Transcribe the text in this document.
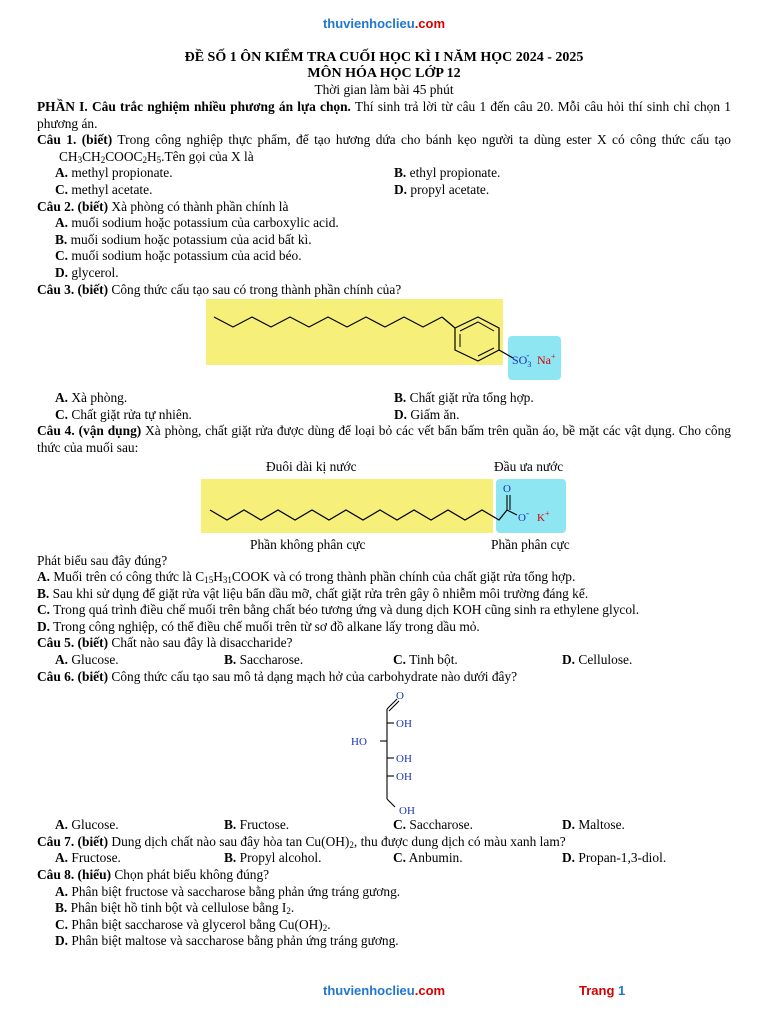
thuvienhoclieu.com
ĐỀ SỐ 1 ÔN KIỂM TRA CUỐI HỌC KÌ I NĂM HỌC 2024 - 2025
MÔN HÓA HỌC LỚP 12
Thời gian làm bài 45 phút
PHẦN I. Câu trắc nghiệm nhiều phương án lựa chọn. Thí sinh trả lời từ câu 1 đến câu 20. Mỗi câu hỏi thí sinh chỉ chọn 1 phương án.
Câu 1. (biết) Trong công nghiệp thực phẩm, để tạo hương dứa cho bánh kẹo người ta dùng ester X có công thức cấu tạo $CH_3CH_2COOC_2H_5.Tên$ gọi của X là
A. methyl propionate.	B. ethyl propionate.
C. methyl acetate.	D. propyl acetate.
Câu 2. (biết) Xà phòng có thành phần chính là
A. muối sodium hoặc potassium của carboxylic acid.
B. muối sodium hoặc potassium của acid bất kì.
C. muối sodium hoặc potassium của acid béo.
D. glycerol.
Câu 3. (biết) Công thức cấu tạo sau có trong thành phần chính của?
$SO_3-$ Na+
A. Xà phòng.	B. Chất giặt rửa tổng hợp.
C. Chất giặt rửa tự nhiên.	D. Giấm ăn.
Câu 4. (vận dụng) Xà phòng, chất giặt rửa được dùng để loại bỏ các vết bẩn bấm trên quần áo, bề mặt các vật dụng. Cho công thức của muối sau:
Đuôi dài kị nước	Đầu ưa nước
O
O- K+
Phần không phân cực	Phần phân cực
Phát biểu sau đây đúng?
A. Muối trên có công thức là $C_{15}H_{31}COOK$ và có trong thành phần chính của chất giặt rửa tổng hợp.
B. Sau khi sử dụng để giặt rửa vật liệu bẩn dầu mỡ, chất giặt rửa trên gây ô nhiễm môi trường đáng kể.
C. Trong quá trình điều chế muối trên bằng chất béo tương ứng và dung dịch KOH cũng sinh ra ethylene glycol.
D. Trong công nghiệp, có thể điều chế muối trên từ sơ đồ alkane lấy trong dầu mỏ.
Câu 5. (biết) Chất nào sau đây là disaccharide?
A. Glucose.	B. Saccharose.	C. Tinh bột.	D. Cellulose.
Câu 6. (biết) Công thức cấu tạo sau mô tả dạng mạch hở của carbohydrate nào dưới đây?
O
OH
HO
OH
OH
OH
A. Glucose.	B. Fructose.	C. Saccharose.	D. Maltose.
Câu 7. (biết) Dung dịch chất nào sau đây hòa $\tan Cu(OH)_2$, thu được dung dịch có màu xanh lam?
A. Fructose.	B. Propyl alcohol.	C. Anbumin.	D. Propan-1,3-diol.
Câu 8. (hiểu) Chọn phát biểu không đúng?
A. Phân biệt fructose và saccharose bằng phản ứng tráng gương.
B. Phân biệt hồ tinh bột và cellulose bằng $I_2$.
C. Phân biệt saccharose và glycerol bằng $Cu(OH)_2$.
D. Phân biệt maltose và saccharose bằng phản ứng tráng gương.
thuvienhoclieu.com	Trang 1
